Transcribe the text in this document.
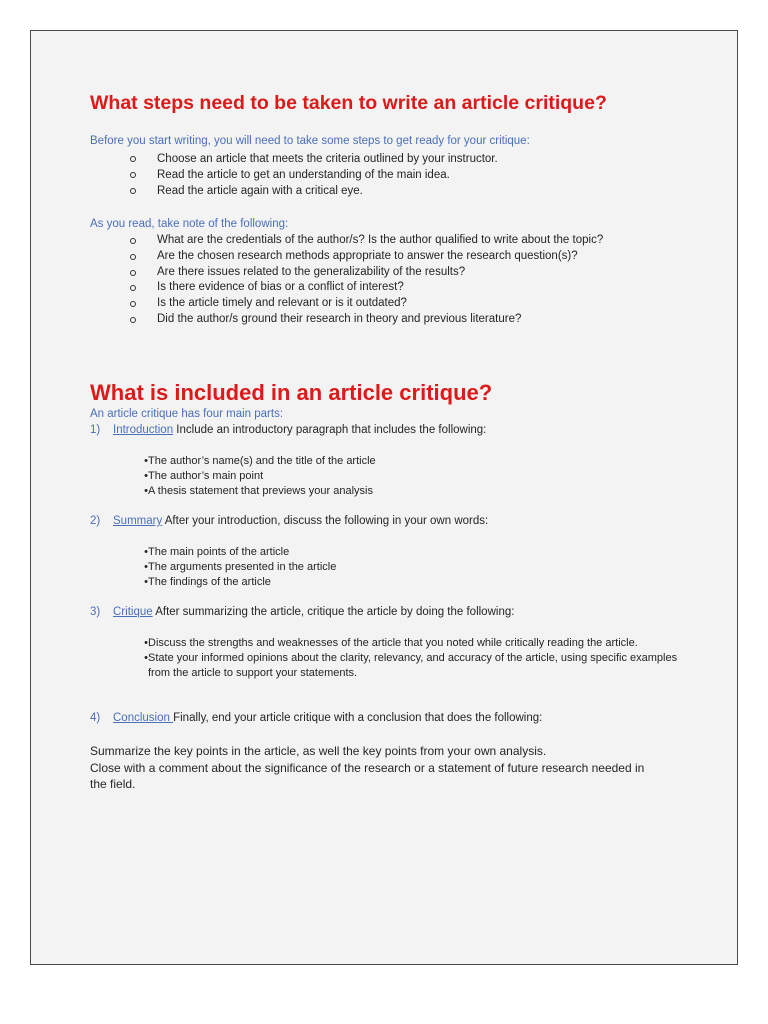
What steps need to be taken to write an article critique?
Before you start writing, you will need to take some steps to get ready for your critique:
Choose an article that meets the criteria outlined by your instructor.
Read the article to get an understanding of the main idea.
Read the article again with a critical eye.
As you read, take note of the following:
What are the credentials of the author/s? Is the author qualified to write about the topic?
Are the chosen research methods appropriate to answer the research question(s)?
Are there issues related to the generalizability of the results?
Is there evidence of bias or a conflict of interest?
Is the article timely and relevant or is it outdated?
Did the author/s ground their research in theory and previous literature?
What is included in an article critique?
An article critique has four main parts:
1) Introduction Include an introductory paragraph that includes the following:
•The author’s name(s) and the title of the article
•The author’s main point
•A thesis statement that previews your analysis
2) Summary After your introduction, discuss the following in your own words:
•The main points of the article
•The arguments presented in the article
•The findings of the article
3) Critique After summarizing the article, critique the article by doing the following:
•Discuss the strengths and weaknesses of the article that you noted while critically reading the article.
•State your informed opinions about the clarity, relevancy, and accuracy of the article, using specific examples from the article to support your statements.
4) Conclusion Finally, end your article critique with a conclusion that does the following:
Summarize the key points in the article, as well the key points from your own analysis.
Close with a comment about the significance of the research or a statement of future research needed in the field.
